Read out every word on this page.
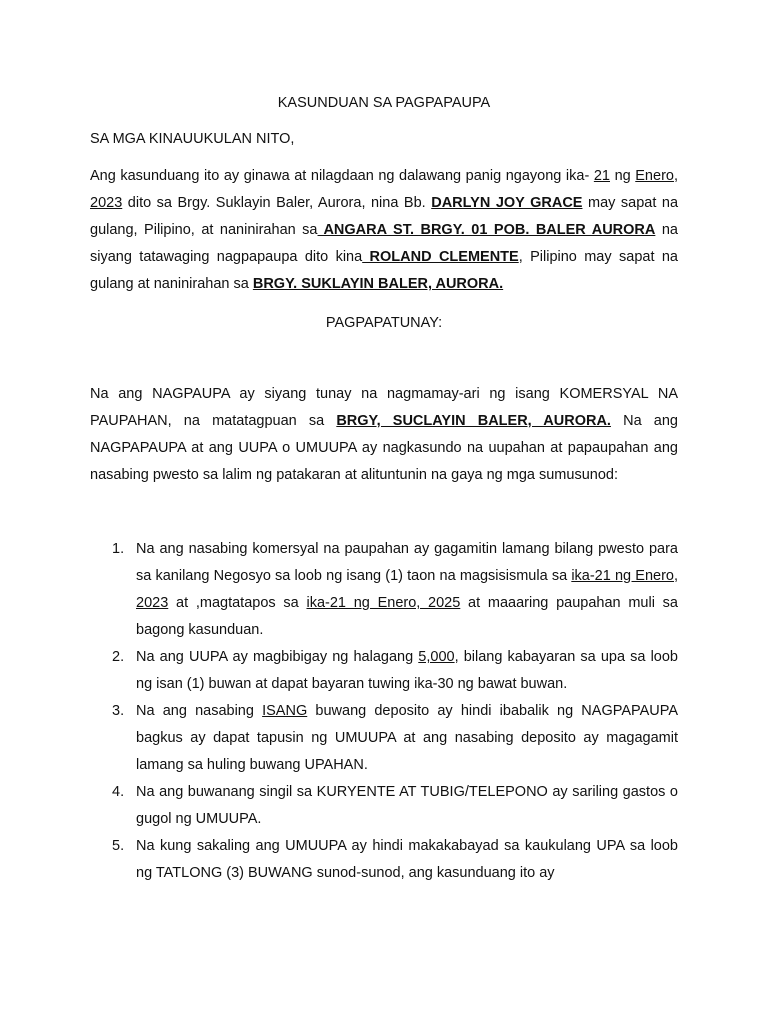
KASUNDUAN SA PAGPAPAUPA
SA MGA KINAUUKULAN NITO,
Ang kasunduang ito ay ginawa at nilagdaan ng dalawang panig ngayong ika- 21 ng Enero, 2023 dito sa Brgy. Suklayin Baler, Aurora, nina Bb. DARLYN JOY GRACE may sapat na gulang, Pilipino, at naninirahan sa ANGARA ST. BRGY. 01 POB. BALER AURORA na siyang tatawaging nagpapaupa dito kina ROLAND CLEMENTE, Pilipino may sapat na gulang at naninirahan sa BRGY. SUKLAYIN BALER, AURORA.
PAGPAPATUNAY:
Na ang NAGPAUPA ay siyang tunay na nagmamay-ari ng isang KOMERSYAL NA PAUPAHAN, na matatagpuan sa BRGY, SUCLAYIN BALER, AURORA. Na ang NAGPAPAUPA at ang UUPA o UMUUPA ay nagkasundo na uupahan at papaupahan ang nasabing pwesto sa lalim ng patakaran at alituntunin na gaya ng mga sumusunod:
1. Na ang nasabing komersyal na paupahan ay gagamitin lamang bilang pwesto para sa kanilang Negosyo sa loob ng isang (1) taon na magsisismula sa ika-21 ng Enero, 2023 at ,magtatapos sa ika-21 ng Enero, 2025 at maaaring paupahan muli sa bagong kasunduan.
2. Na ang UUPA ay magbibigay ng halagang 5,000, bilang kabayaran sa upa sa loob ng isan (1) buwan at dapat bayaran tuwing ika-30 ng bawat buwan.
3. Na ang nasabing ISANG buwang deposito ay hindi ibabalik ng NAGPAPAUPA bagkus ay dapat tapusin ng UMUUPA at ang nasabing deposito ay magagamit lamang sa huling buwang UPAHAN.
4. Na ang buwanang singil sa KURYENTE AT TUBIG/TELEPONO ay sariling gastos o gugol ng UMUUPA.
5. Na kung sakaling ang UMUUPA ay hindi makakabayad sa kaukulang UPA sa loob ng TATLONG (3) BUWANG sunod-sunod, ang kasunduang ito ay
